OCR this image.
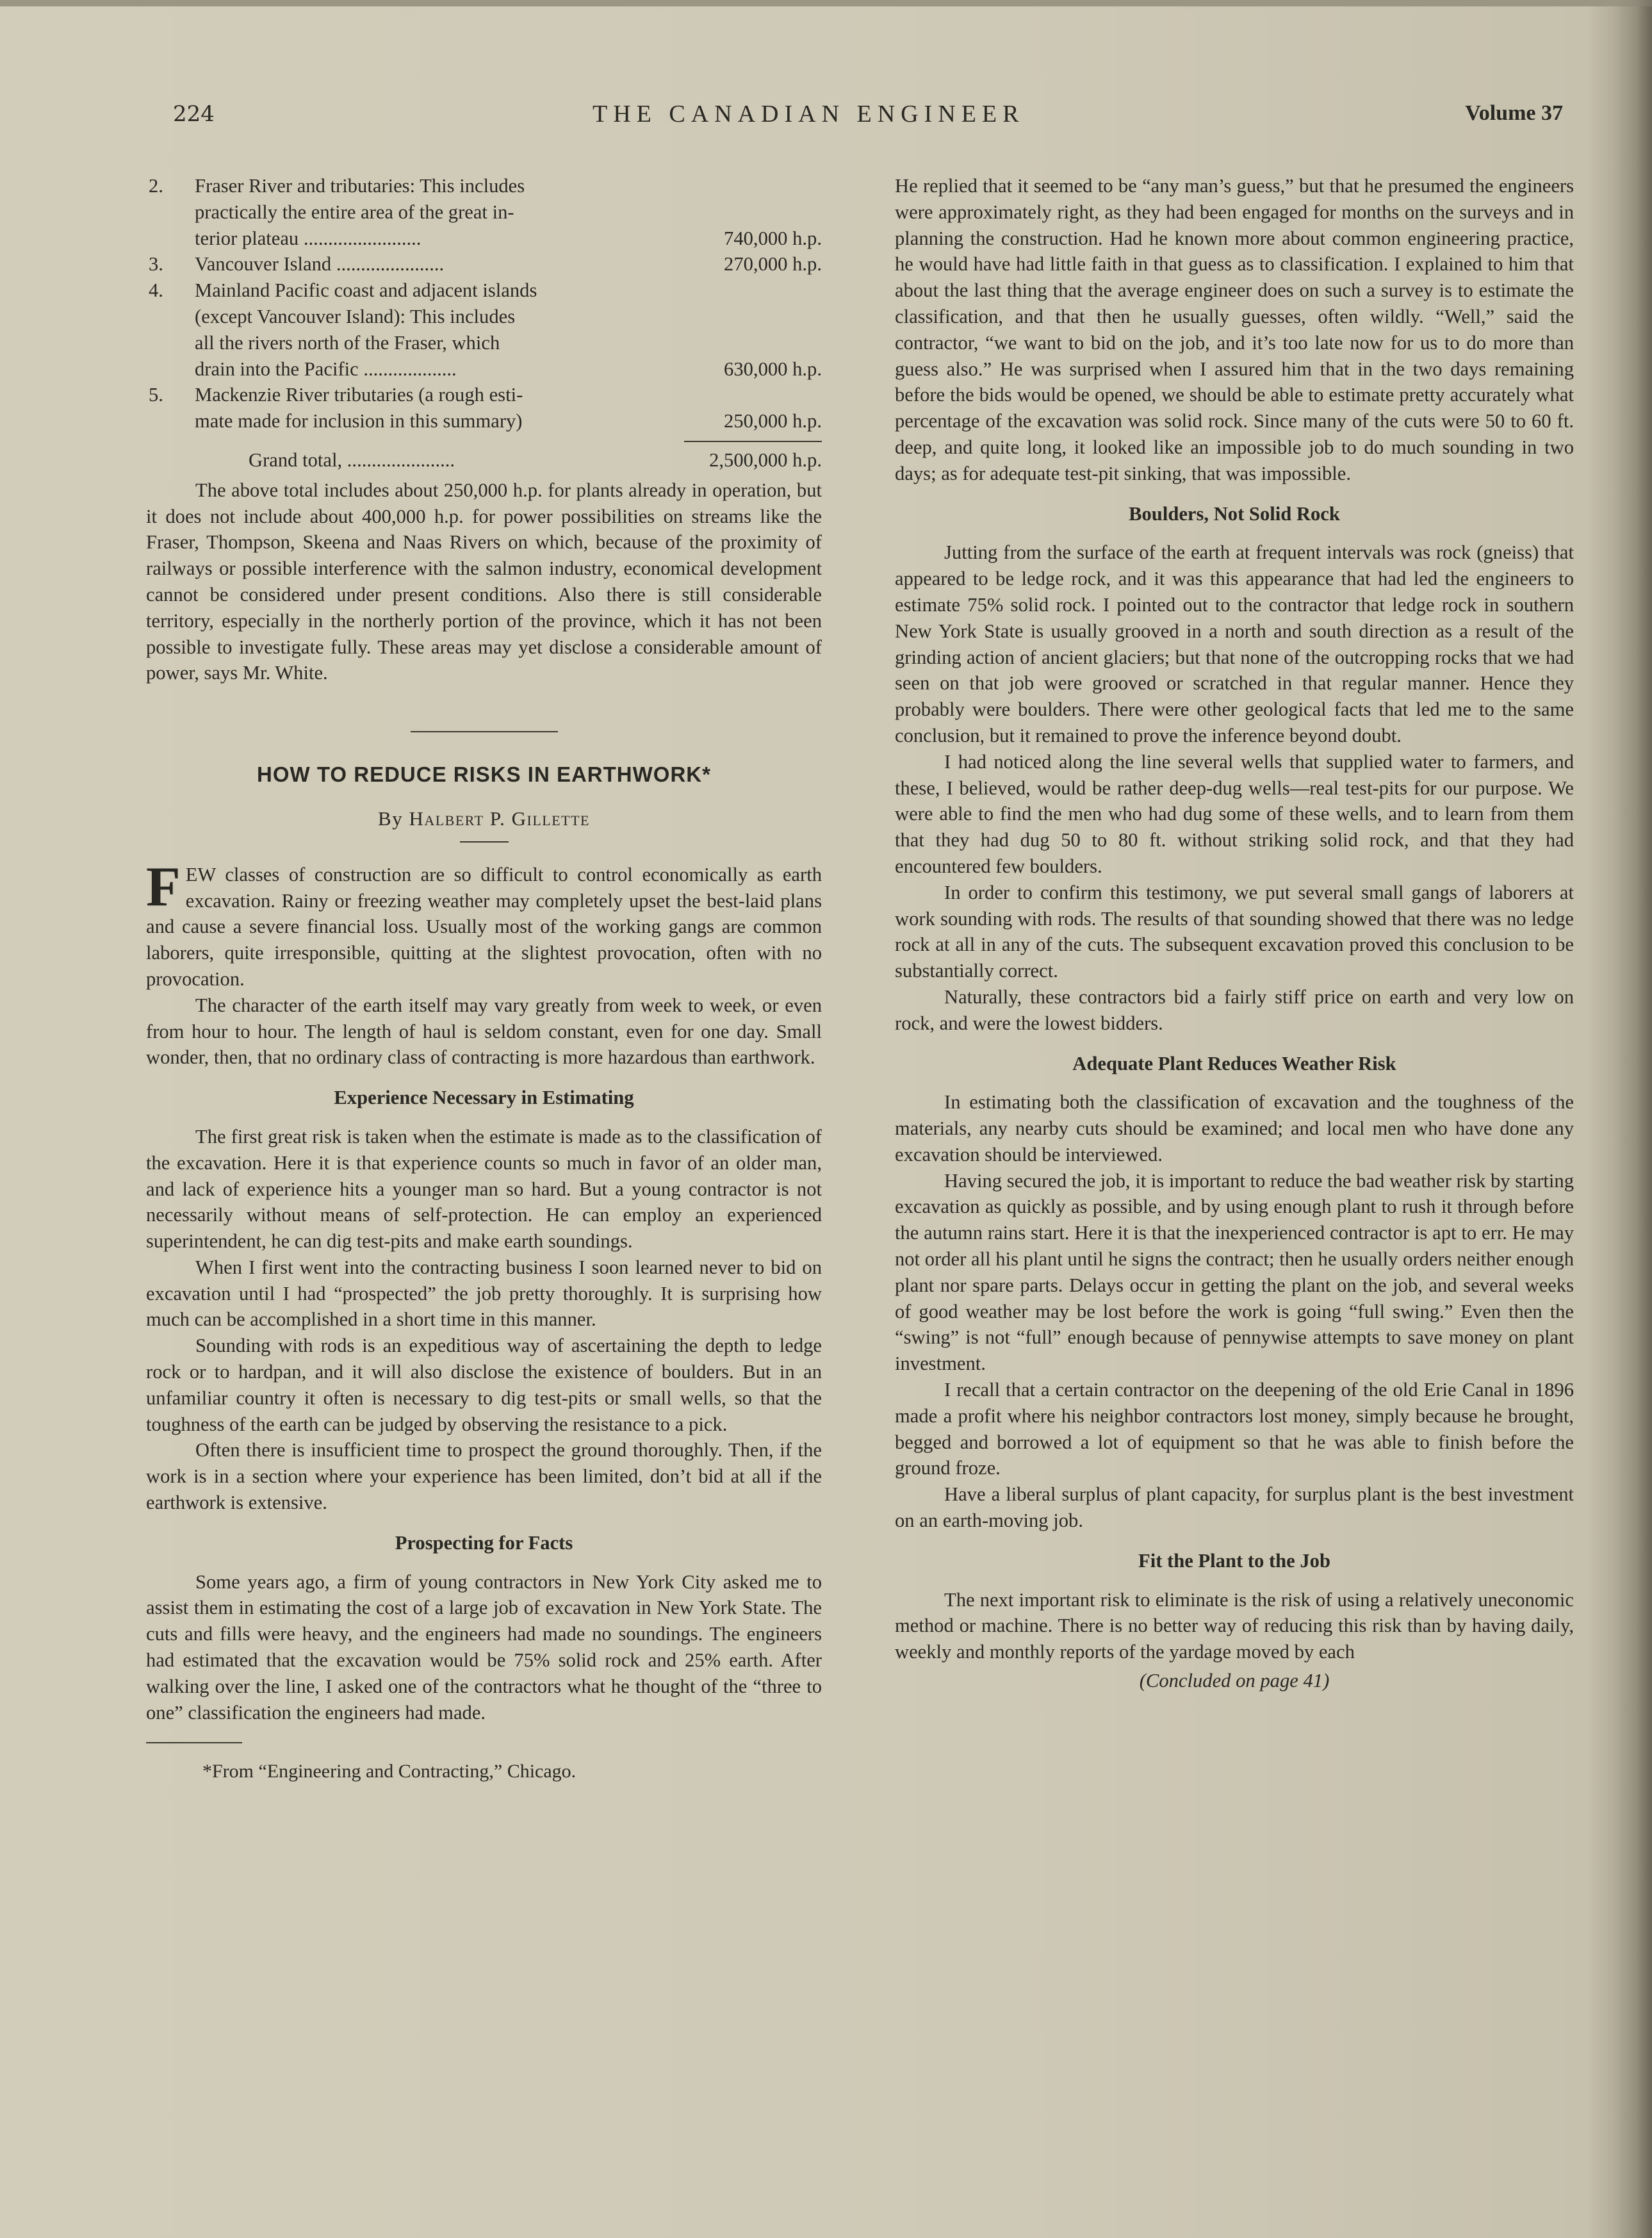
224	THE CANADIAN ENGINEER	Volume 37
2.	Fraser River and tributaries: This includes
practically the entire area of the great in-
terior plateau ........................	740,000 h.p.
3.	Vancouver Island ......................	270,000 h.p.
4.	Mainland Pacific coast and adjacent islands
(except Vancouver Island): This includes
all the rivers north of the Fraser, which
drain into the Pacific ...................	630,000 h.p.
5.	Mackenzie River tributaries (a rough esti-
mate made for inclusion in this summary)	250,000 h.p.
Grand total, ......................	2,500,000 h.p.

The above total includes about 250,000 h.p. for plants already in operation, but it does not include about 400,000 h.p. for power possibilities on streams like the Fraser, Thompson, Skeena and Naas Rivers on which, because of the proximity of railways or possible interference with the salmon industry, economical development cannot be considered under present conditions. Also there is still considerable territory, especially in the northerly portion of the province, which it has not been possible to investigate fully. These areas may yet disclose a considerable amount of power, says Mr. White.

HOW TO REDUCE RISKS IN EARTHWORK*
By Halbert P. Gillette

FEW classes of construction are so difficult to control economically as earth excavation. Rainy or freezing weather may completely upset the best-laid plans and cause a severe financial loss. Usually most of the working gangs are common laborers, quite irresponsible, quitting at the slightest provocation, often with no provocation.

The character of the earth itself may vary greatly from week to week, or even from hour to hour. The length of haul is seldom constant, even for one day. Small wonder, then, that no ordinary class of contracting is more hazardous than earthwork.

Experience Necessary in Estimating

The first great risk is taken when the estimate is made as to the classification of the excavation. Here it is that experience counts so much in favor of an older man, and lack of experience hits a younger man so hard. But a young contractor is not necessarily without means of self-protection. He can employ an experienced superintendent, he can dig test-pits and make earth soundings.

When I first went into the contracting business I soon learned never to bid on excavation until I had “prospected” the job pretty thoroughly. It is surprising how much can be accomplished in a short time in this manner.

Sounding with rods is an expeditious way of ascertaining the depth to ledge rock or to hardpan, and it will also disclose the existence of boulders. But in an unfamiliar country it often is necessary to dig test-pits or small wells, so that the toughness of the earth can be judged by observing the resistance to a pick.

Often there is insufficient time to prospect the ground thoroughly. Then, if the work is in a section where your experience has been limited, don’t bid at all if the earthwork is extensive.

Prospecting for Facts

Some years ago, a firm of young contractors in New York City asked me to assist them in estimating the cost of a large job of excavation in New York State. The cuts and fills were heavy, and the engineers had made no soundings. The engineers had estimated that the excavation would be 75% solid rock and 25% earth. After walking over the line, I asked one of the contractors what he thought of the “three to one” classification the engineers had made.

*From “Engineering and Contracting,” Chicago.

He replied that it seemed to be “any man’s guess,” but that he presumed the engineers were approximately right, as they had been engaged for months on the surveys and in planning the construction. Had he known more about common engineering practice, he would have had little faith in that guess as to classification. I explained to him that about the last thing that the average engineer does on such a survey is to estimate the classification, and that then he usually guesses, often wildly. “Well,” said the contractor, “we want to bid on the job, and it’s too late now for us to do more than guess also.” He was surprised when I assured him that in the two days remaining before the bids would be opened, we should be able to estimate pretty accurately what percentage of the excavation was solid rock. Since many of the cuts were 50 to 60 ft. deep, and quite long, it looked like an impossible job to do much sounding in two days; as for adequate test-pit sinking, that was impossible.

Boulders, Not Solid Rock

Jutting from the surface of the earth at frequent intervals was rock (gneiss) that appeared to be ledge rock, and it was this appearance that had led the engineers to estimate 75% solid rock. I pointed out to the contractor that ledge rock in southern New York State is usually grooved in a north and south direction as a result of the grinding action of ancient glaciers; but that none of the outcropping rocks that we had seen on that job were grooved or scratched in that regular manner. Hence they probably were boulders. There were other geological facts that led me to the same conclusion, but it remained to prove the inference beyond doubt.

I had noticed along the line several wells that supplied water to farmers, and these, I believed, would be rather deep-dug wells—real test-pits for our purpose. We were able to find the men who had dug some of these wells, and to learn from them that they had dug 50 to 80 ft. without striking solid rock, and that they had encountered few boulders.

In order to confirm this testimony, we put several small gangs of laborers at work sounding with rods. The results of that sounding showed that there was no ledge rock at all in any of the cuts. The subsequent excavation proved this conclusion to be substantially correct.

Naturally, these contractors bid a fairly stiff price on earth and very low on rock, and were the lowest bidders.

Adequate Plant Reduces Weather Risk

In estimating both the classification of excavation and the toughness of the materials, any nearby cuts should be examined; and local men who have done any excavation should be interviewed.

Having secured the job, it is important to reduce the bad weather risk by starting excavation as quickly as possible, and by using enough plant to rush it through before the autumn rains start. Here it is that the inexperienced contractor is apt to err. He may not order all his plant until he signs the contract; then he usually orders neither enough plant nor spare parts. Delays occur in getting the plant on the job, and several weeks of good weather may be lost before the work is going “full swing.” Even then the “swing” is not “full” enough because of pennywise attempts to save money on plant investment.

I recall that a certain contractor on the deepening of the old Erie Canal in 1896 made a profit where his neighbor contractors lost money, simply because he brought, begged and borrowed a lot of equipment so that he was able to finish before the ground froze.

Have a liberal surplus of plant capacity, for surplus plant is the best investment on an earth-moving job.

Fit the Plant to the Job

The next important risk to eliminate is the risk of using a relatively uneconomic method or machine. There is no better way of reducing this risk than by having daily, weekly and monthly reports of the yardage moved by each

(Concluded on page 41)
